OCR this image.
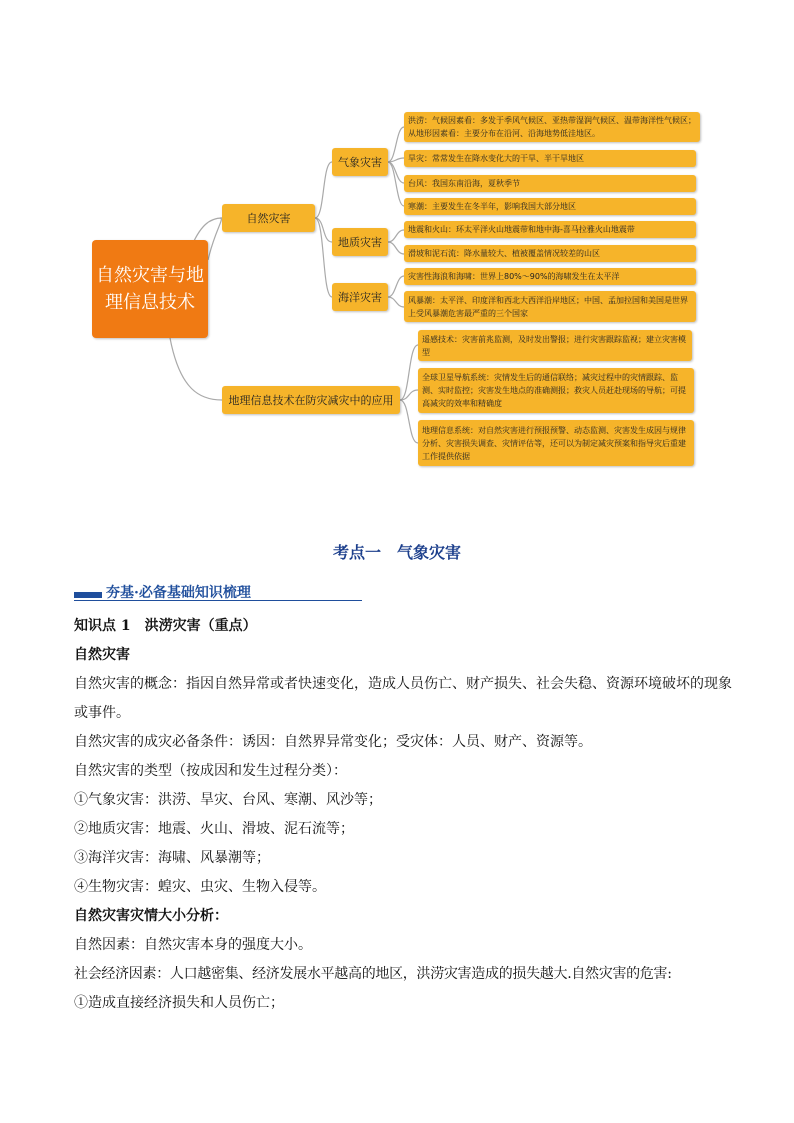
自然灾害与地理信息技术
自然灾害
地理信息技术在防灾减灾中的应用
气象灾害
地质灾害
海洋灾害
洪涝：气候因素看：多发于季风气候区、亚热带湿润气候区、温带海洋性气候区；从地形因素看：主要分布在沿河、沿海地势低洼地区。
旱灾：常常发生在降水变化大的干旱、半干旱地区
台风：我国东南沿海，夏秋季节
寒潮：主要发生在冬半年，影响我国大部分地区
地震和火山：环太平洋火山地震带和地中海-喜马拉雅火山地震带
滑坡和泥石流：降水量较大、植被覆盖情况较差的山区
灾害性海浪和海啸：世界上80%～90%的海啸发生在太平洋
风暴潮：太平洋、印度洋和西北大西洋沿岸地区；中国、孟加拉国和美国是世界上受风暴潮危害最严重的三个国家
遥感技术：灾害前兆监测，及时发出警报；进行灾害跟踪监视；建立灾害模型
全球卫星导航系统：灾情发生后的通信联络；减灾过程中的灾情跟踪、监测、实时监控；灾害发生地点的准确测报；救灾人员赶赴现场的导航；可提高减灾的效率和精确度
地理信息系统：对自然灾害进行预报预警、动态监测、灾害发生成因与规律分析、灾害损失调查、灾情评估等，还可以为制定减灾预案和指导灾后重建工作提供依据
考点一　气象灾害
夯基·必备基础知识梳理
知识点 1　洪涝灾害（重点）
自然灾害
自然灾害的概念：指因自然异常或者快速变化，造成人员伤亡、财产损失、社会失稳、资源环境破坏的现象或事件。
自然灾害的成灾必备条件：诱因：自然界异常变化；受灾体：人员、财产、资源等。
自然灾害的类型（按成因和发生过程分类）：
①气象灾害：洪涝、旱灾、台风、寒潮、风沙等；
②地质灾害：地震、火山、滑坡、泥石流等；
③海洋灾害：海啸、风暴潮等；
④生物灾害：蝗灾、虫灾、生物入侵等。
自然灾害灾情大小分析：
自然因素：自然灾害本身的强度大小。
社会经济因素：人口越密集、经济发展水平越高的地区，洪涝灾害造成的损失越大.自然灾害的危害:
①造成直接经济损失和人员伤亡；
